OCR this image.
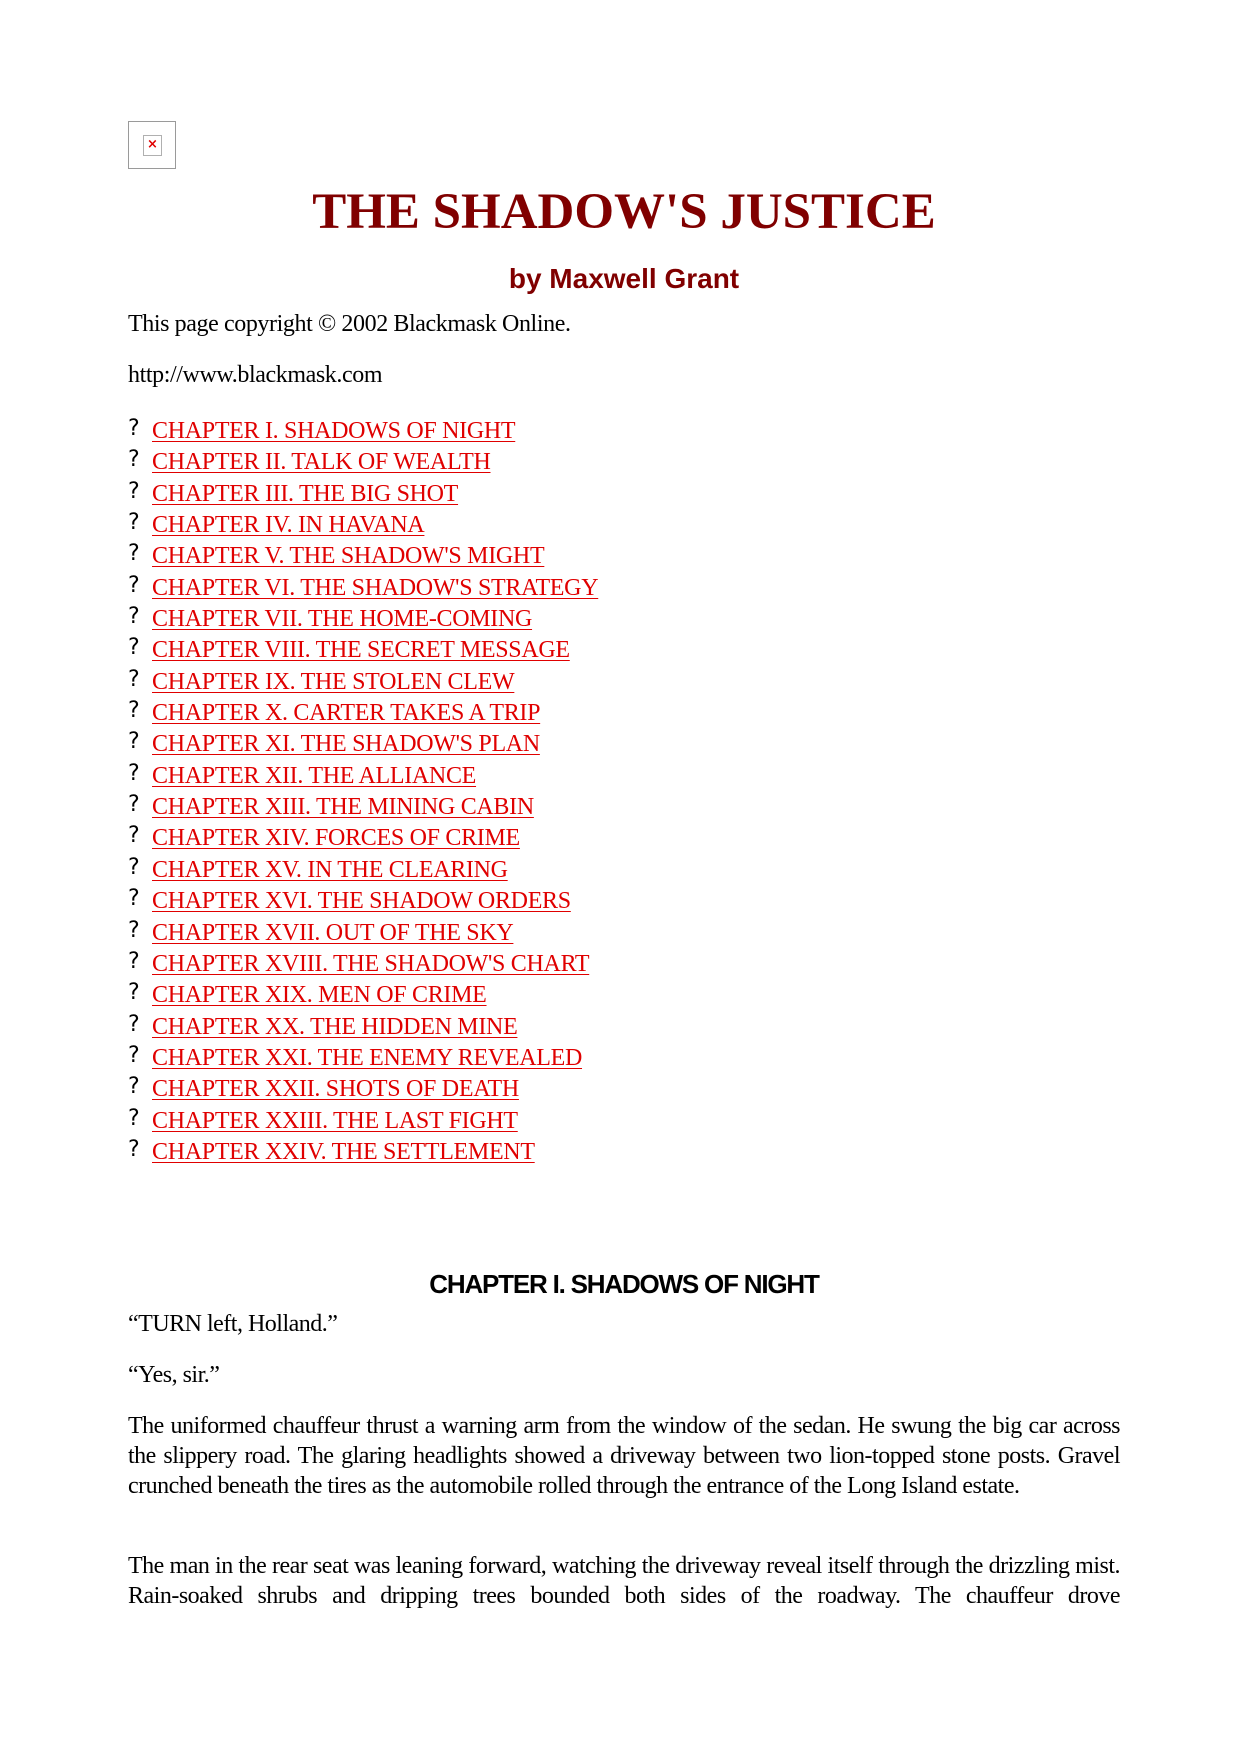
×
THE SHADOW'S JUSTICE
by Maxwell Grant

This page copyright © 2002 Blackmask Online.

http://www.blackmask.com

? CHAPTER I. SHADOWS OF NIGHT
? CHAPTER II. TALK OF WEALTH
? CHAPTER III. THE BIG SHOT
? CHAPTER IV. IN HAVANA
? CHAPTER V. THE SHADOW'S MIGHT
? CHAPTER VI. THE SHADOW'S STRATEGY
? CHAPTER VII. THE HOME-COMING
? CHAPTER VIII. THE SECRET MESSAGE
? CHAPTER IX. THE STOLEN CLEW
? CHAPTER X. CARTER TAKES A TRIP
? CHAPTER XI. THE SHADOW'S PLAN
? CHAPTER XII. THE ALLIANCE
? CHAPTER XIII. THE MINING CABIN
? CHAPTER XIV. FORCES OF CRIME
? CHAPTER XV. IN THE CLEARING
? CHAPTER XVI. THE SHADOW ORDERS
? CHAPTER XVII. OUT OF THE SKY
? CHAPTER XVIII. THE SHADOW'S CHART
? CHAPTER XIX. MEN OF CRIME
? CHAPTER XX. THE HIDDEN MINE
? CHAPTER XXI. THE ENEMY REVEALED
? CHAPTER XXII. SHOTS OF DEATH
? CHAPTER XXIII. THE LAST FIGHT
? CHAPTER XXIV. THE SETTLEMENT
CHAPTER I. SHADOWS OF NIGHT

“TURN left, Holland.”

“Yes, sir.”

The uniformed chauffeur thrust a warning arm from the window of the sedan. He swung the big car across the slippery road. The glaring headlights showed a driveway between two lion-topped stone posts. Gravel crunched beneath the tires as the automobile rolled through the entrance of the Long Island estate.

The man in the rear seat was leaning forward, watching the driveway reveal itself through the drizzling mist. Rain-soaked shrubs and dripping trees bounded both sides of the roadway. The chauffeur drove
